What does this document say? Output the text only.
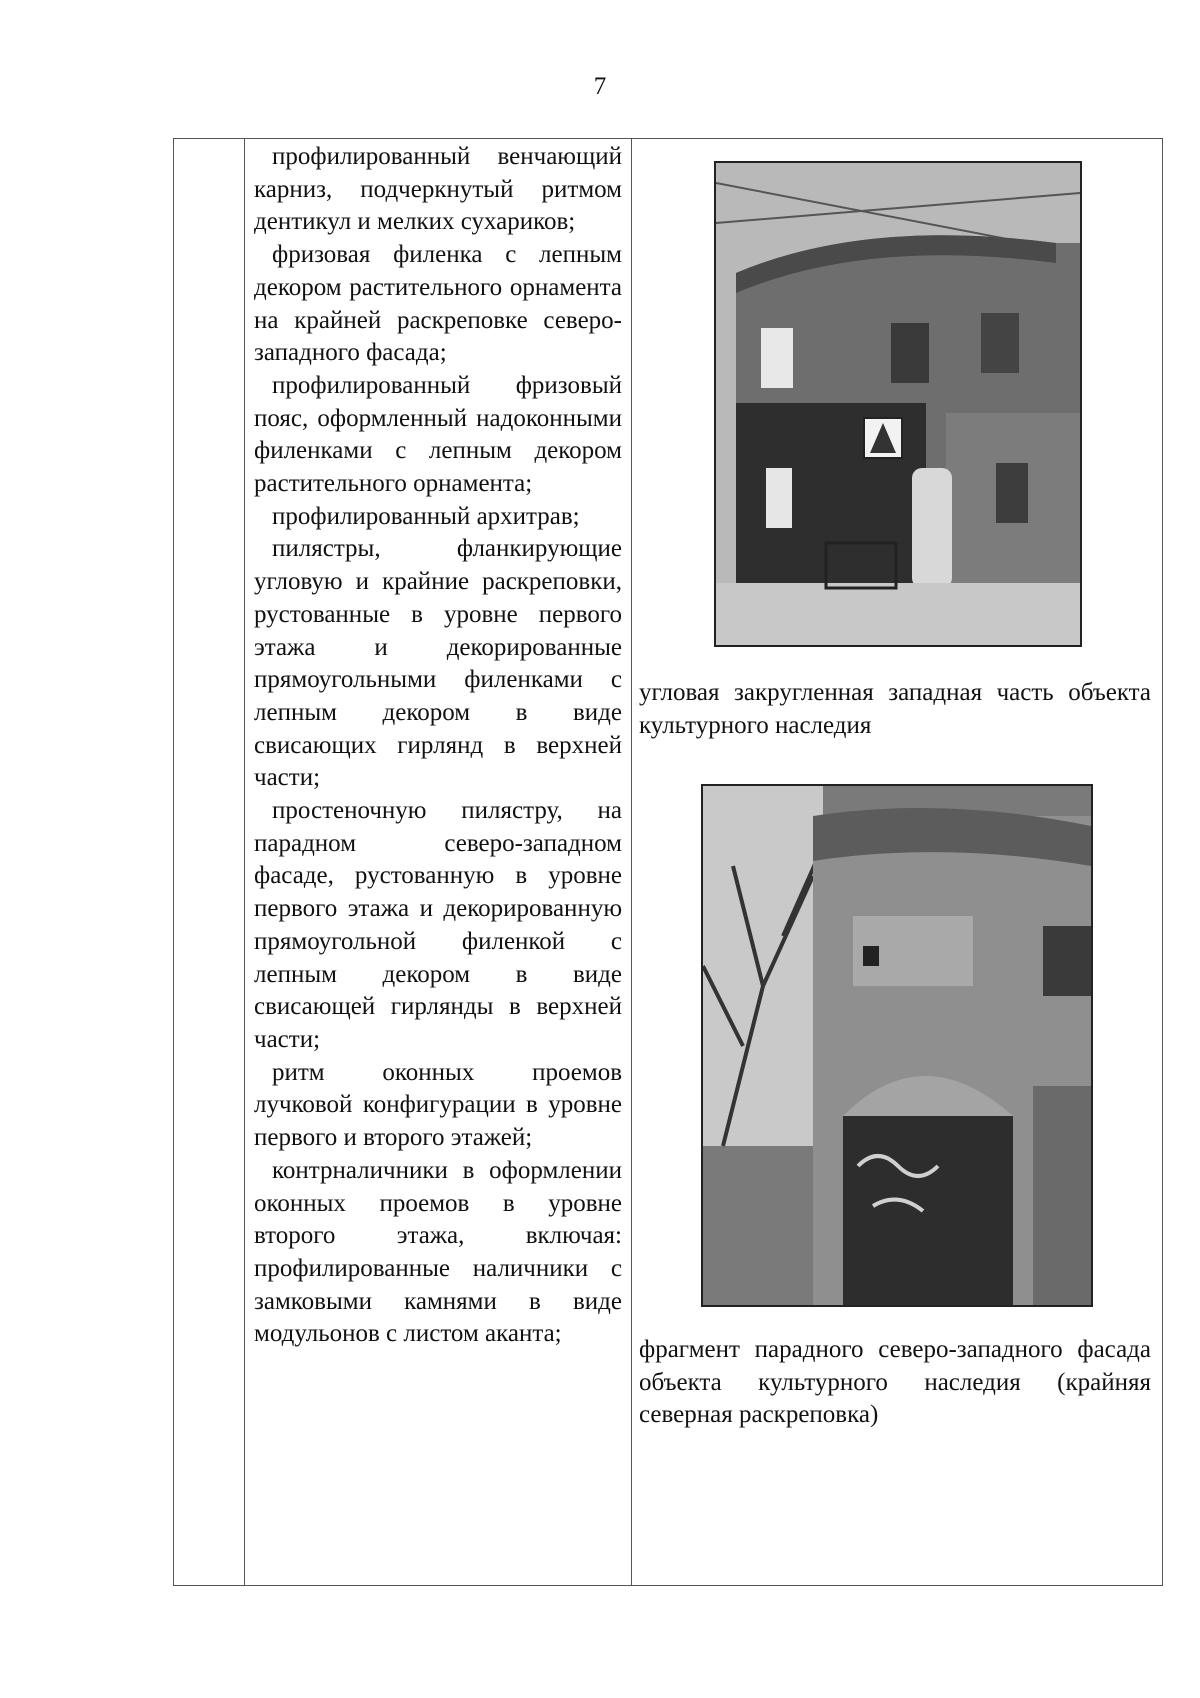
7

профилированный венчающий карниз, подчеркнутый ритмом дентикул и мелких сухариков;

фризовая филенка с лепным декором растительного орнамента на крайней раскреповке северо-западного фасада;

профилированный фризовый пояс, оформленный надоконными филенками с лепным декором растительного орнамента;

профилированный архитрав;

пилястры, фланкирующие угловую и крайние раскреповки, рустованные в уровне первого этажа и декорированные прямоугольными филенками с лепным декором в виде свисающих гирлянд в верхней части;

простеночную пилястру, на парадном северо-западном фасаде, рустованную в уровне первого этажа и декорированную прямоугольной филенкой с лепным декором в виде свисающей гирлянды в верхней части;

ритм оконных проемов лучковой конфигурации в уровне первого и второго этажей;

контрналичники в оформлении оконных проемов в уровне второго этажа, включая: профилированные наличники с замковыми камнями в виде модульонов с листом аканта;

угловая закругленная западная часть объекта культурного наследия
фрагмент парадного северо-западного фасада объекта культурного наследия (крайняя северная раскреповка)
